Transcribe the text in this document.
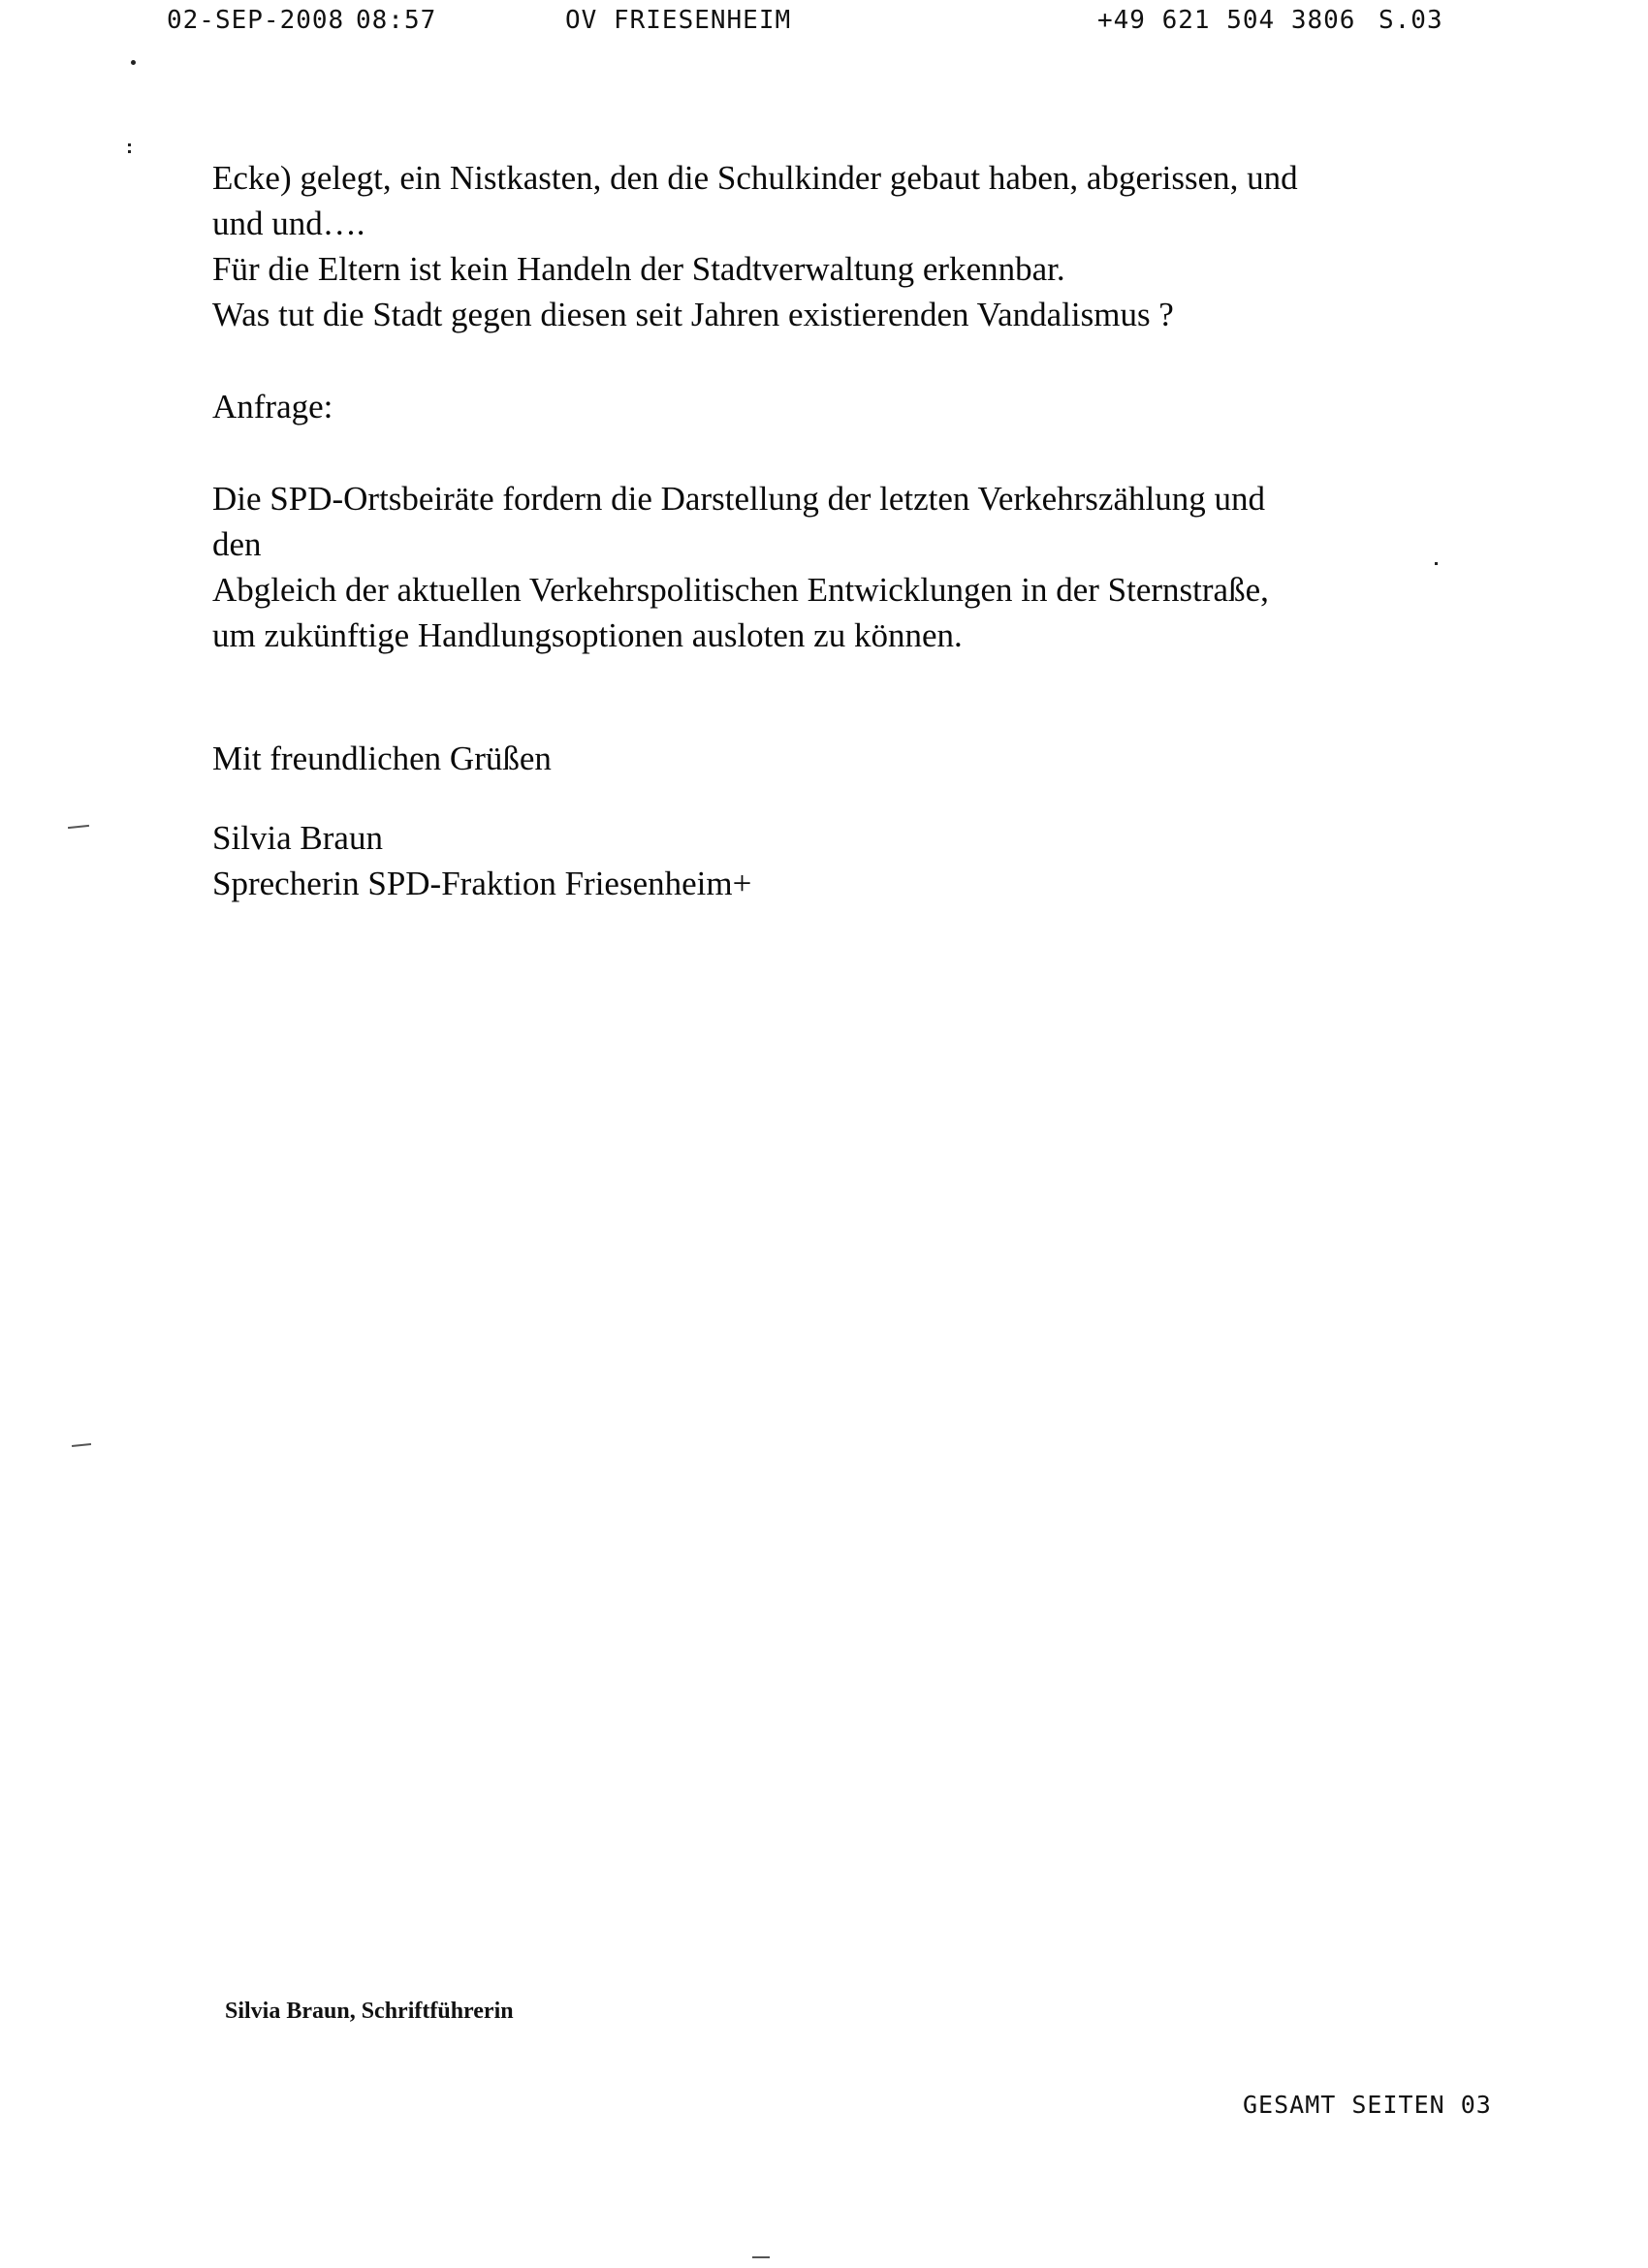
02-SEP-2008 08:57	OV FRIESENHEIM	+49 621 504 3806 S.03

Ecke) gelegt, ein Nistkasten, den die Schulkinder gebaut haben, abgerissen, und
und und….
Für die Eltern ist kein Handeln der Stadtverwaltung erkennbar.
Was tut die Stadt gegen diesen seit Jahren existierenden Vandalismus ?

Anfrage:

Die SPD-Ortsbeiräte fordern die Darstellung der letzten Verkehrszählung und
den
Abgleich der aktuellen Verkehrspolitischen Entwicklungen in der Sternstraße,
um zukünftige Handlungsoptionen ausloten zu können.

Mit freundlichen Grüßen

Silvia Braun
Sprecherin SPD-Fraktion Friesenheim+

Silvia Braun, Schriftführerin
GESAMT SEITEN 03
